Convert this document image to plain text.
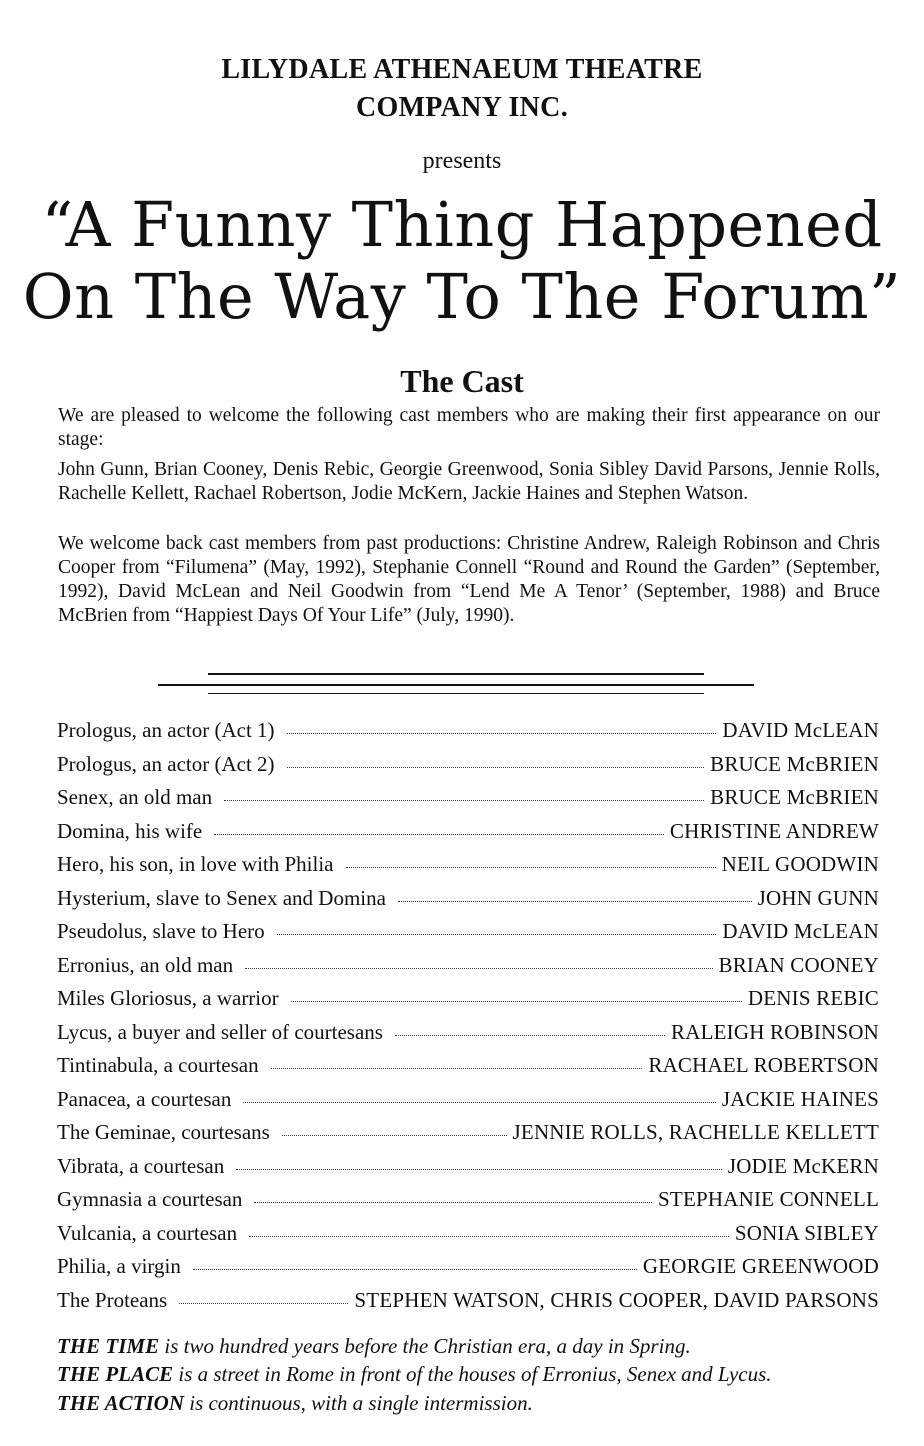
LILYDALE ATHENAEUM THEATRE
COMPANY INC.
presents
“A Funny Thing Happened
On The Way To The Forum”
The Cast
We are pleased to welcome the following cast members who are making their first appearance on our stage:
John Gunn, Brian Cooney, Denis Rebic, Georgie Greenwood, Sonia Sibley David Parsons, Jennie Rolls, Rachelle Kellett, Rachael Robertson, Jodie McKern, Jackie Haines and Stephen Watson.
We welcome back cast members from past productions: Christine Andrew, Raleigh Robinson and Chris Cooper from “Filumena” (May, 1992), Stephanie Connell “Round and Round the Garden” (September, 1992), David McLean and Neil Goodwin from “Lend Me A Tenor’ (September, 1988) and Bruce McBrien from “Happiest Days Of Your Life” (July, 1990).
Prologus, an actor (Act 1)	DAVID McLEAN
Prologus, an actor (Act 2)	BRUCE McBRIEN
Senex, an old man	BRUCE McBRIEN
Domina, his wife	CHRISTINE ANDREW
Hero, his son, in love with Philia	NEIL GOODWIN
Hysterium, slave to Senex and Domina	JOHN GUNN
Pseudolus, slave to Hero	DAVID McLEAN
Erronius, an old man	BRIAN COONEY
Miles Gloriosus, a warrior	DENIS REBIC
Lycus, a buyer and seller of courtesans	RALEIGH ROBINSON
Tintinabula, a courtesan	RACHAEL ROBERTSON
Panacea, a courtesan	JACKIE HAINES
The Geminae, courtesans	JENNIE ROLLS, RACHELLE KELLETT
Vibrata, a courtesan	JODIE McKERN
Gymnasia a courtesan	STEPHANIE CONNELL
Vulcania, a courtesan	SONIA SIBLEY
Philia, a virgin	GEORGIE GREENWOOD
The Proteans	STEPHEN WATSON, CHRIS COOPER, DAVID PARSONS
THE TIME is two hundred years before the Christian era, a day in Spring.
THE PLACE is a street in Rome in front of the houses of Erronius, Senex and Lycus.
THE ACTION is continuous, with a single intermission.
